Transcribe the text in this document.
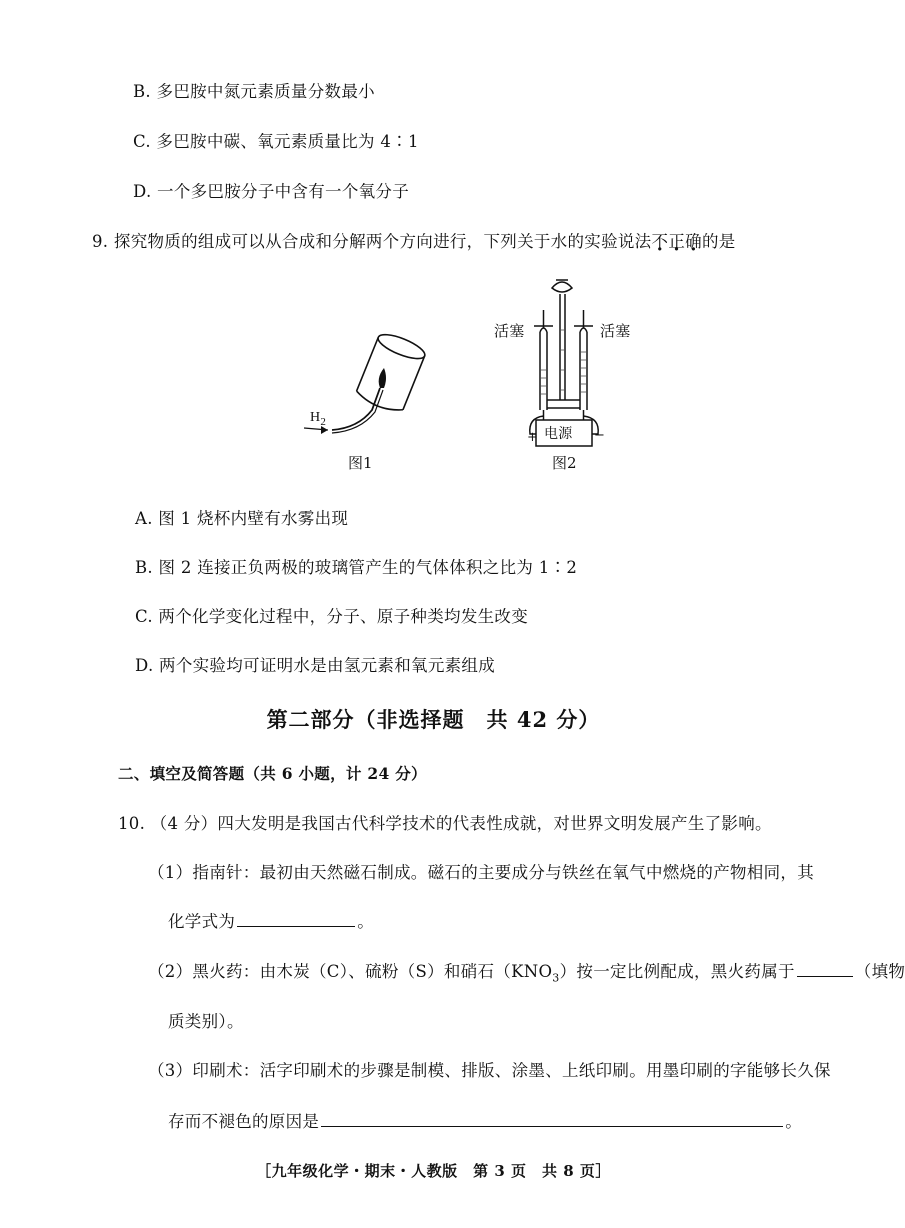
B. 多巴胺中氮元素质量分数最小
C. 多巴胺中碳、氧元素质量比为 4∶1
D. 一个多巴胺分子中含有一个氧分子
9. 探究物质的组成可以从合成和分解两个方向进行，下列关于水的实验说法不正确的是
$H_2$
图1
活塞	活塞
电源
+	−
图2
A. 图 1 烧杯内壁有水雾出现
B. 图 2 连接正负两极的玻璃管产生的气体体积之比为 1∶2
C. 两个化学变化过程中，分子、原子种类均发生改变
D. 两个实验均可证明水是由氢元素和氧元素组成
第二部分（非选择题　共 42 分）
二、填空及简答题（共 6 小题，计 24 分）
10. （4 分）四大发明是我国古代科学技术的代表性成就，对世界文明发展产生了影响。
（1）指南针：最初由天然磁石制成。磁石的主要成分与铁丝在氧气中燃烧的产物相同，其
化学式为	。
（2）黑火药：由木炭（C）、硫粉（S）和硝石$(KNO_3)$按一定比例配成，黑火药属于	（填物
质类别）。
（3）印刷术：活字印刷术的步骤是制模、排版、涂墨、上纸印刷。用墨印刷的字能够长久保
存而不褪色的原因是	。
［九年级化学・期末・人教版　第 3 页　共 8 页］
